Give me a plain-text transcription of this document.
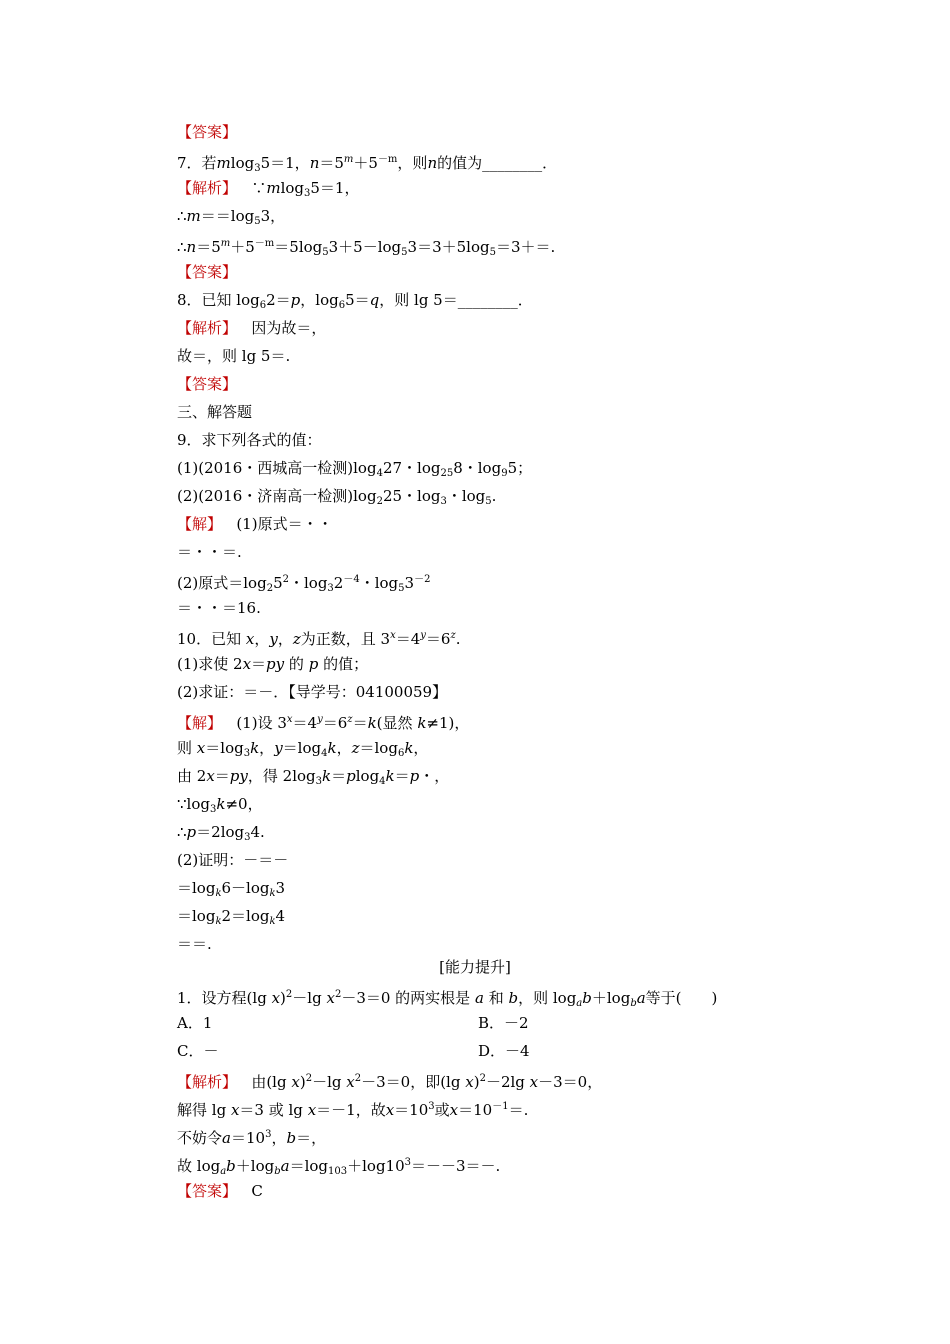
【答案】
7．若mlog$_3$5＝1，$n=5^m+5^{-m}$，则n的值为________．
【解析】 ∵mlog$_3$5＝1，
$\therefore m==\log_53$，
$\therefore n=5^m+5^{-m}=5\log_53+5-\log_53=3+5\log_5=3+=$.
【答案】
8．已知 $\log_62=p$，$\log_65=q$，则 lg 5＝________．
【解析】 因为故＝，
故＝，则 lg 5＝.
【答案】
三、解答题
9．求下列各式的值：
(1)(2016・西城高一检测)$\log_427$・$\log_{25}8$・$\log_95$；
(2)(2016・济南高一检测)$\log_225$・$\log_3$・$\log_5$.
【解】 (1)原式＝・・
＝・・＝.
(2)原式$=\log_25^2$・$\log_32^{-4}$・$\log_53^{-2}$
＝・・＝16.
10．已知 x，y，z为正数，且 $3^x=4^y=6^z$.
(1)求使 2x＝py 的 p 的值；
(2)求证：＝－．【导学号：04100059】
【解】 (1)设 $3^x=4^y=6^z=k$(显然 k≠1)，
则 $x=\log_3k$，$y=\log_4k$，$z=\log_6k$，
由 2x＝py，得 $2\log_3k=plog_4k=p$・，
$\because\log_3k\ne 0$，
$\therefore p=2\log_34$.
(2)证明：－＝－
$=\log_k6-\log_k3$
$=\log_k2=\log_k4$
＝＝.
[能力提升]
1．设方程(lg x)$^2$－lg $x^2-3=0$ 的两实根是 a 和 b，则 $\log_ab+\log_ba$等于(　　)
A．1	B．－2
C．－	D．－4
【解析】 由(lg x)$^2$－lg $x^2-3=0$，即(lg x)$^2$－2lg x－3＝0，
解得 lg x＝3 或 lg x＝－1，故$x=10^3$或$x=10^{-1}=$.
不妨令$a=10^3$，b＝，
故 $\log_ab+\log_ba=\log_{103}+\log 10^3=--3=-$.
【答案】 C
